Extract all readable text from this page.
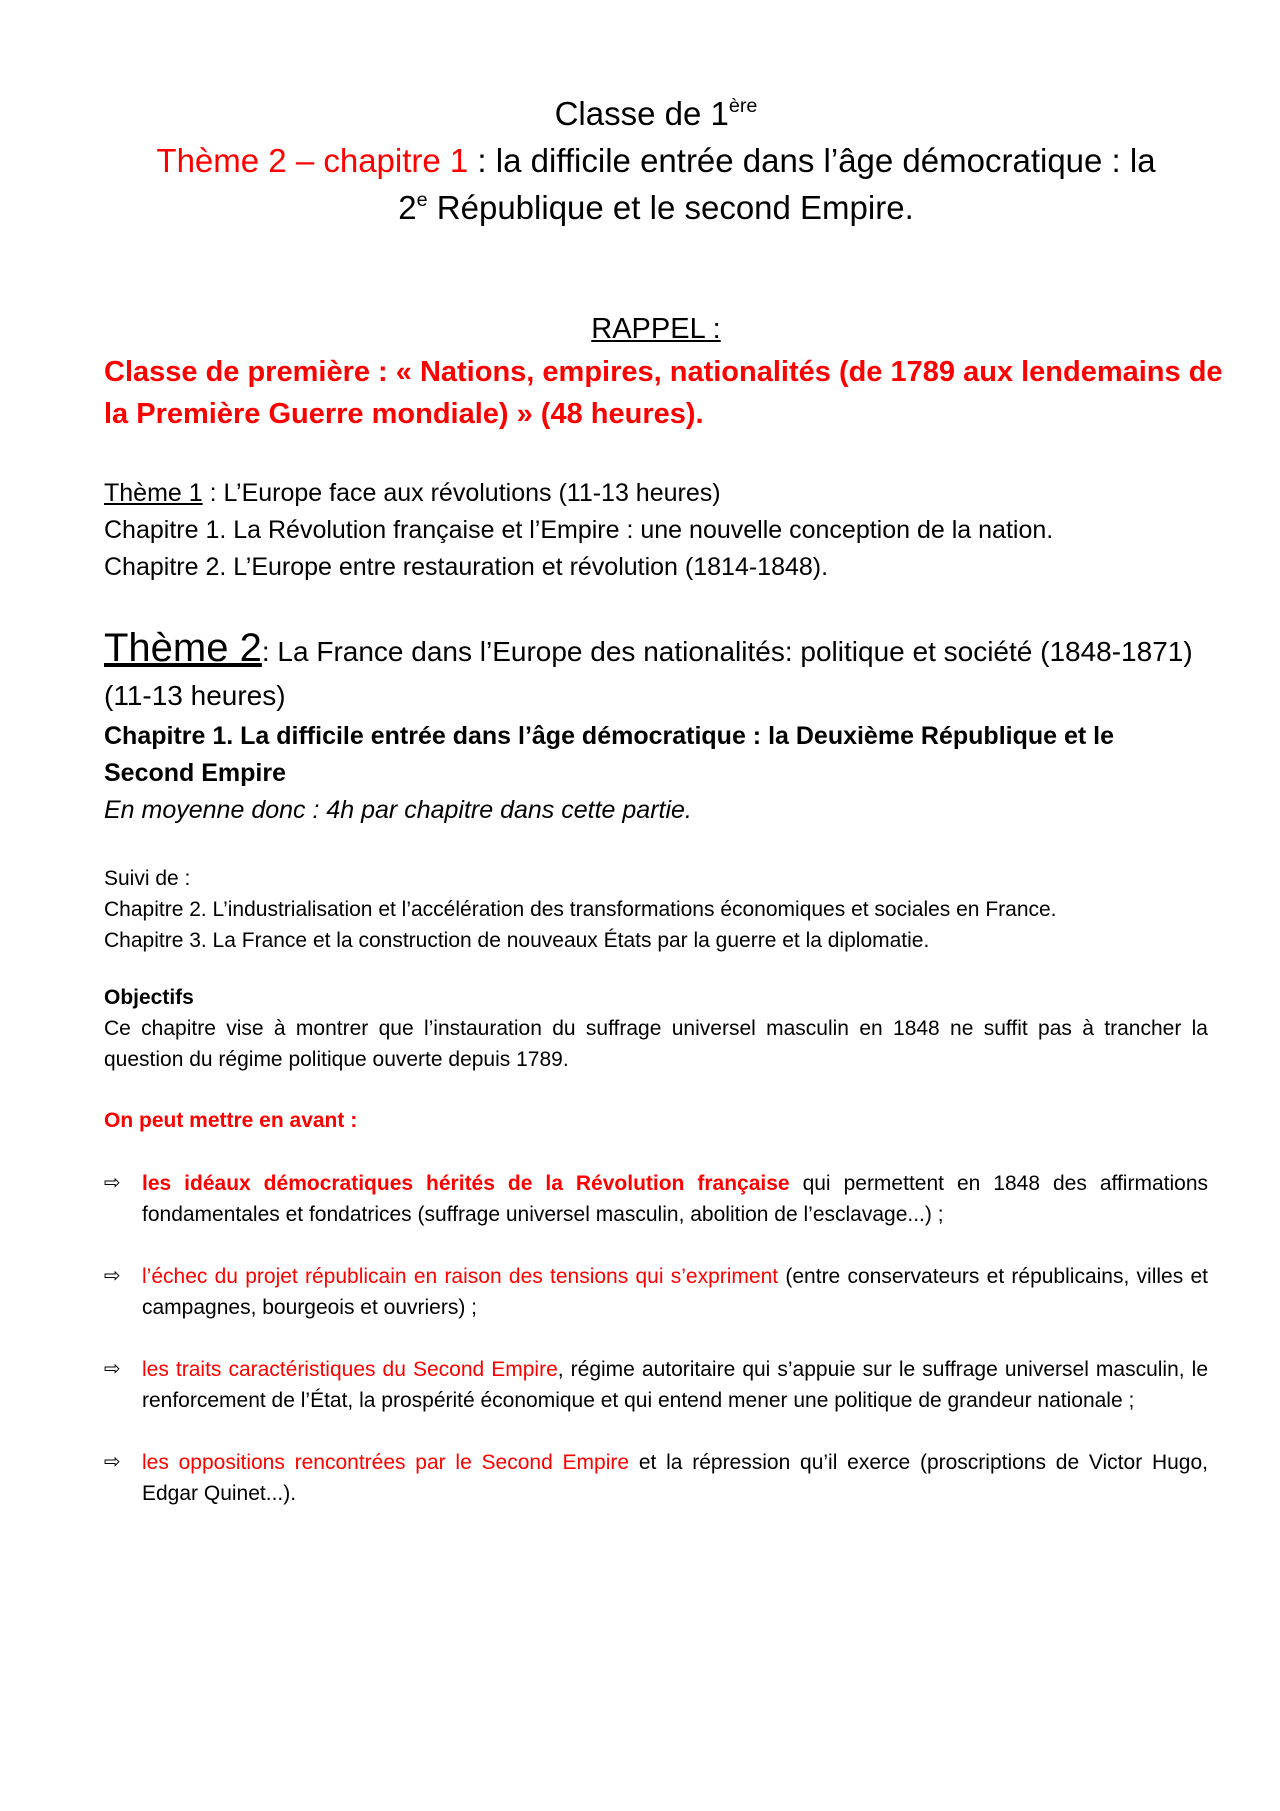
Classe de 1ère
Thème 2 – chapitre 1 : la difficile entrée dans l’âge démocratique : la
2e République et le second Empire.
RAPPEL :
Classe de première : « Nations, empires, nationalités (de 1789 aux lendemains de la Première Guerre mondiale) » (48 heures).
Thème 1 : L’Europe face aux révolutions (11-13 heures)
Chapitre 1. La Révolution française et l’Empire : une nouvelle conception de la nation.
Chapitre 2. L’Europe entre restauration et révolution (1814-1848).
Thème 2: La France dans l’Europe des nationalités: politique et société (1848-1871) (11-13 heures)
Chapitre 1. La difficile entrée dans l’âge démocratique : la Deuxième République et le Second Empire
En moyenne donc : 4h par chapitre dans cette partie.
Suivi de :
Chapitre 2. L’industrialisation et l’accélération des transformations économiques et sociales en France.
Chapitre 3. La France et la construction de nouveaux États par la guerre et la diplomatie.
Objectifs
Ce chapitre vise à montrer que l’instauration du suffrage universel masculin en 1848 ne suffit pas à trancher la question du régime politique ouverte depuis 1789.
On peut mettre en avant :
⇨ les idéaux démocratiques hérités de la Révolution française qui permettent en 1848 des affirmations fondamentales et fondatrices (suffrage universel masculin, abolition de l’esclavage...) ;
⇨ l’échec du projet républicain en raison des tensions qui s’expriment (entre conservateurs et républicains, villes et campagnes, bourgeois et ouvriers) ;
⇨ les traits caractéristiques du Second Empire, régime autoritaire qui s’appuie sur le suffrage universel masculin, le renforcement de l’État, la prospérité économique et qui entend mener une politique de grandeur nationale ;
⇨ les oppositions rencontrées par le Second Empire et la répression qu’il exerce (proscriptions de Victor Hugo, Edgar Quinet...).
